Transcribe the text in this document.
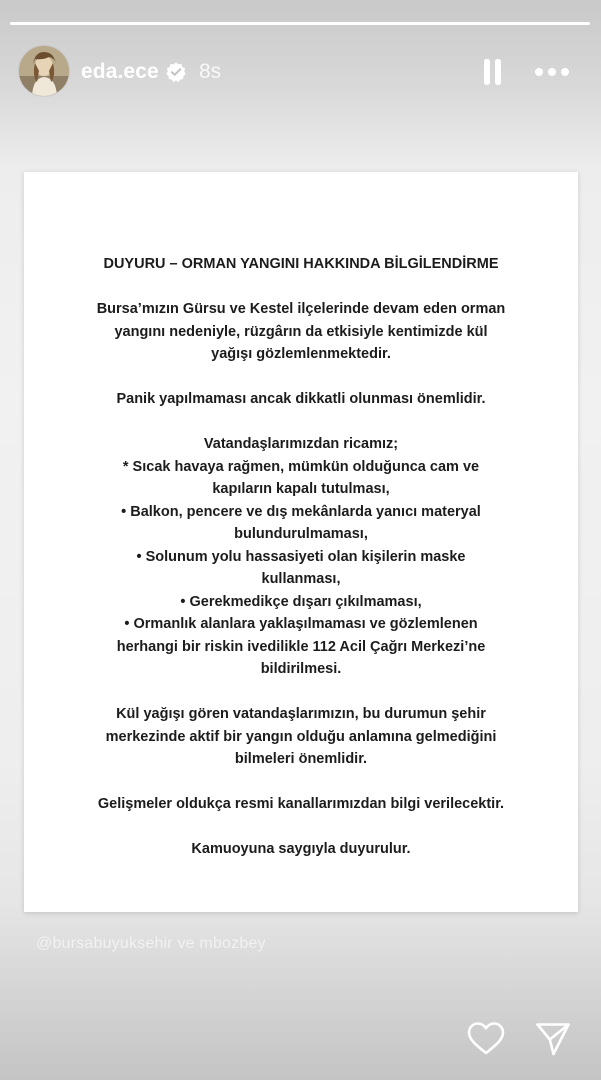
eda.ece 8s
DUYURU – ORMAN YANGINI HAKKINDA BİLGİLENDİRME
Bursa’mızın Gürsu ve Kestel ilçelerinde devam eden orman
yangını nedeniyle, rüzgârın da etkisiyle kentimizde kül
yağışı gözlemlenmektedir.
Panik yapılmaması ancak dikkatli olunması önemlidir.
Vatandaşlarımızdan ricamız;
* Sıcak havaya rağmen, mümkün olduğunca cam ve
kapıların kapalı tutulması,
• Balkon, pencere ve dış mekânlarda yanıcı materyal
bulundurulmaması,
• Solunum yolu hassasiyeti olan kişilerin maske
kullanması,
• Gerekmedikçe dışarı çıkılmaması,
• Ormanlık alanlara yaklaşılmaması ve gözlemlenen
herhangi bir riskin ivedilikle 112 Acil Çağrı Merkezi’ne
bildirilmesi.
Kül yağışı gören vatandaşlarımızın, bu durumun şehir
merkezinde aktif bir yangın olduğu anlamına gelmediğini
bilmeleri önemlidir.
Gelişmeler oldukça resmi kanallarımızdan bilgi verilecektir.
Kamuoyuna saygıyla duyurulur.
@bursabuyuksehir ve mbozbey
